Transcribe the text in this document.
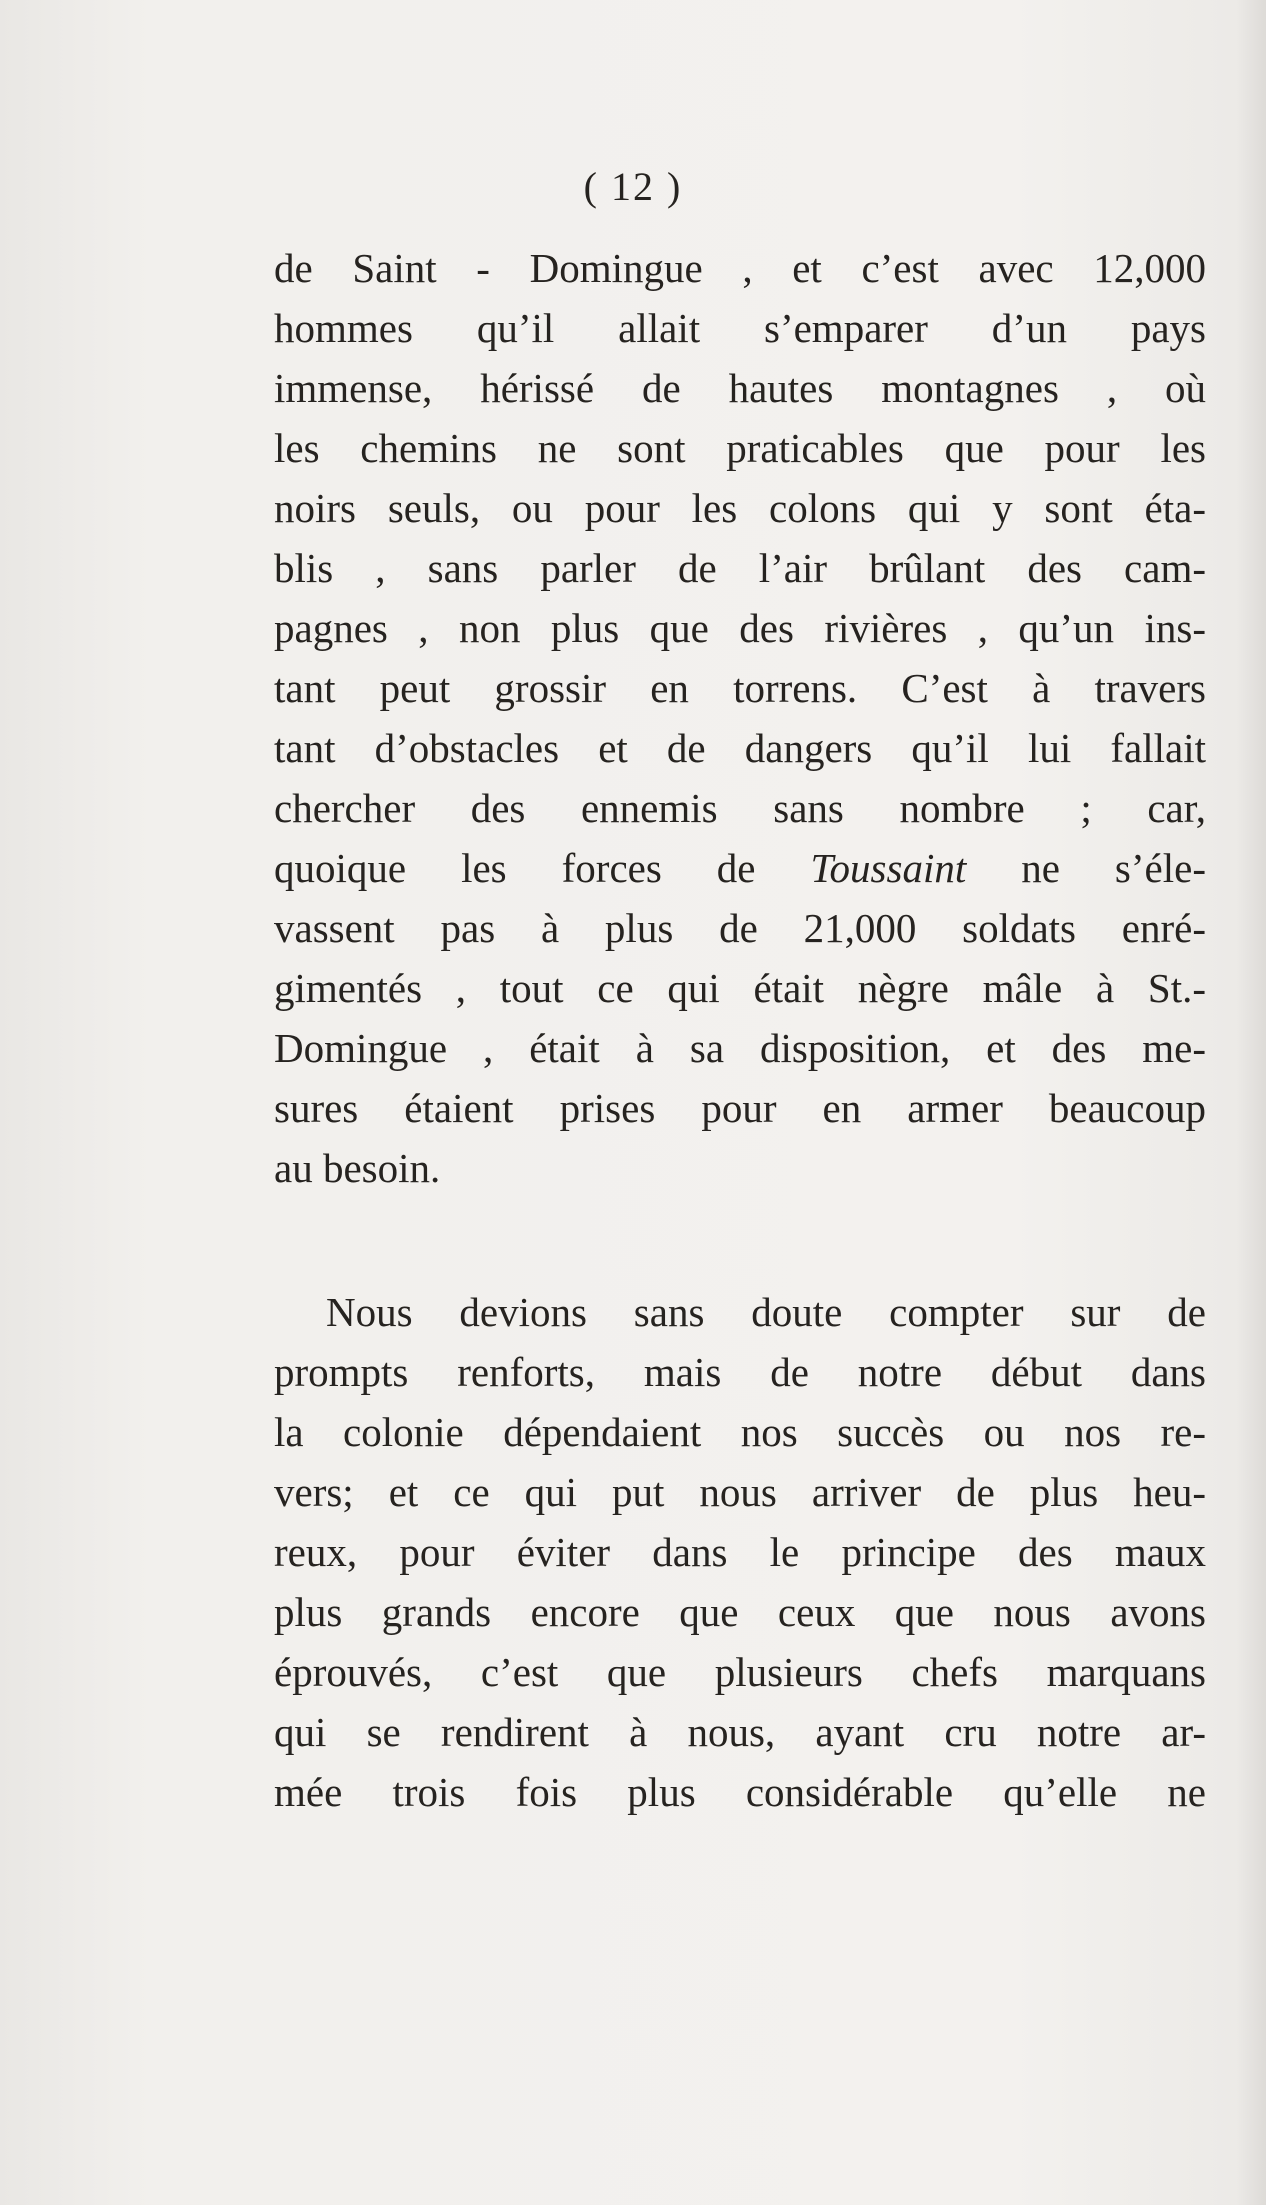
( 12 )
de Saint - Domingue , et c’est avec 12,000
hommes qu’il allait s’emparer d’un pays
immense, hérissé de hautes montagnes , où
les chemins ne sont praticables que pour les
noirs seuls, ou pour les colons qui y sont éta-
blis , sans parler de l’air brûlant des cam-
pagnes , non plus que des rivières , qu’un ins-
tant peut grossir en torrens. C’est à travers
tant d’obstacles et de dangers qu’il lui fallait
chercher des ennemis sans nombre ; car,
quoique les forces de Toussaint ne s’éle-
vassent pas à plus de 21,000 soldats enré-
gimentés , tout ce qui était nègre mâle à St.-
Domingue , était à sa disposition, et des me-
sures étaient prises pour en armer beaucoup
au besoin.
Nous devions sans doute compter sur de
prompts renforts, mais de notre début dans
la colonie dépendaient nos succès ou nos re-
vers; et ce qui put nous arriver de plus heu-
reux, pour éviter dans le principe des maux
plus grands encore que ceux que nous avons
éprouvés, c’est que plusieurs chefs marquans
qui se rendirent à nous, ayant cru notre ar-
mée trois fois plus considérable qu’elle ne
